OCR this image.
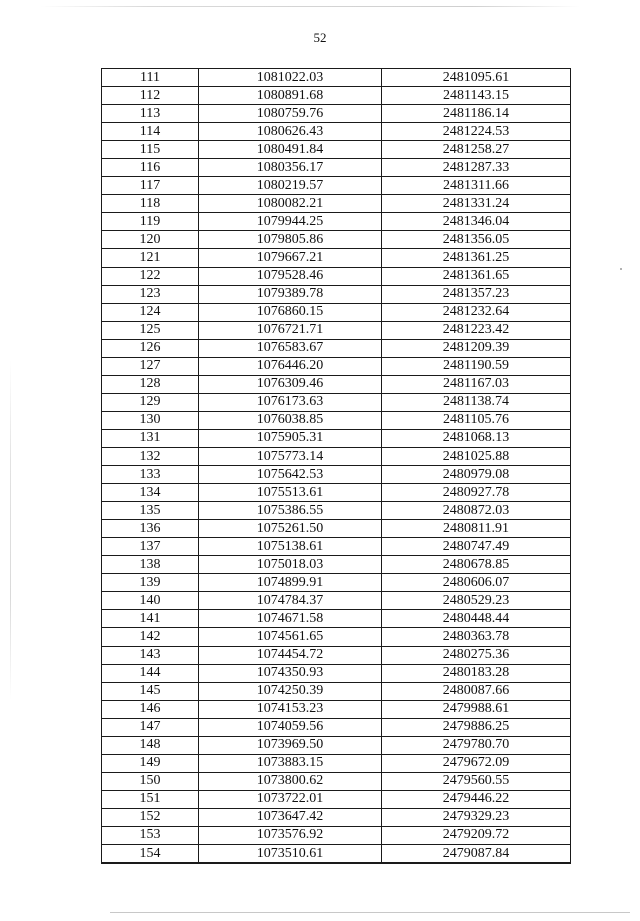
52
111	1081022.03	2481095.61
112	1080891.68	2481143.15
113	1080759.76	2481186.14
114	1080626.43	2481224.53
115	1080491.84	2481258.27
116	1080356.17	2481287.33
117	1080219.57	2481311.66
118	1080082.21	2481331.24
119	1079944.25	2481346.04
120	1079805.86	2481356.05
121	1079667.21	2481361.25
122	1079528.46	2481361.65
123	1079389.78	2481357.23
124	1076860.15	2481232.64
125	1076721.71	2481223.42
126	1076583.67	2481209.39
127	1076446.20	2481190.59
128	1076309.46	2481167.03
129	1076173.63	2481138.74
130	1076038.85	2481105.76
131	1075905.31	2481068.13
132	1075773.14	2481025.88
133	1075642.53	2480979.08
134	1075513.61	2480927.78
135	1075386.55	2480872.03
136	1075261.50	2480811.91
137	1075138.61	2480747.49
138	1075018.03	2480678.85
139	1074899.91	2480606.07
140	1074784.37	2480529.23
141	1074671.58	2480448.44
142	1074561.65	2480363.78
143	1074454.72	2480275.36
144	1074350.93	2480183.28
145	1074250.39	2480087.66
146	1074153.23	2479988.61
147	1074059.56	2479886.25
148	1073969.50	2479780.70
149	1073883.15	2479672.09
150	1073800.62	2479560.55
151	1073722.01	2479446.22
152	1073647.42	2479329.23
153	1073576.92	2479209.72
154	1073510.61	2479087.84
